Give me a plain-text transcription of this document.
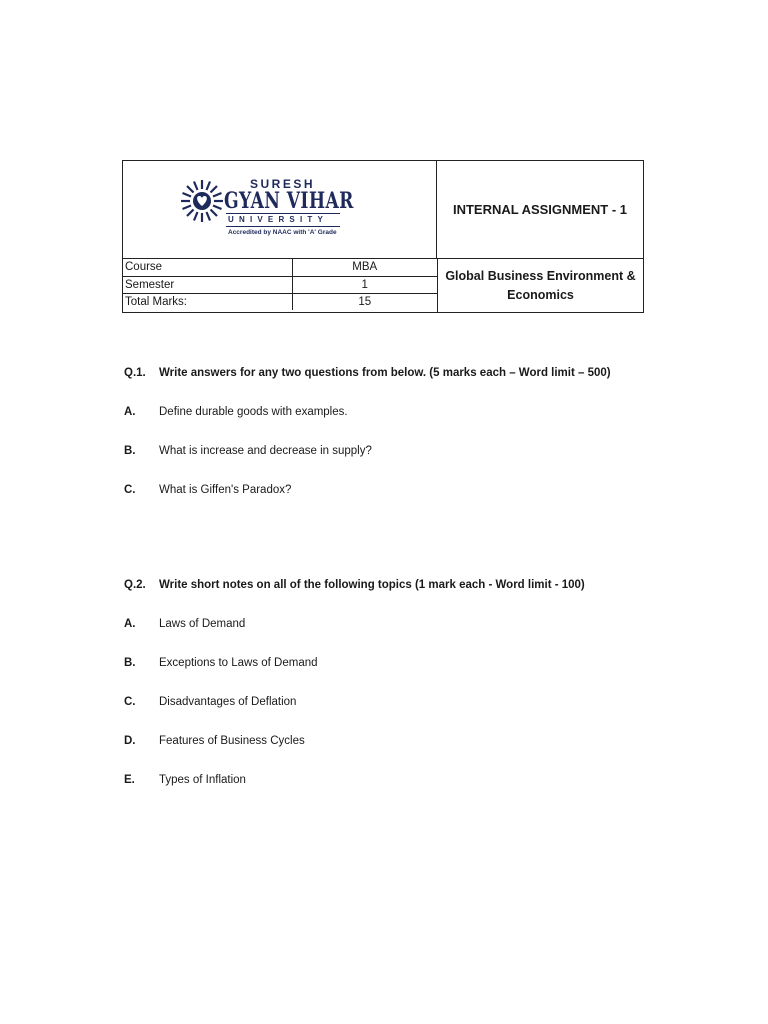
SURESH
GYAN VIHAR
UNIVERSITY
Accredited by NAAC with 'A' Grade
INTERNAL ASSIGNMENT - 1
Course	MBA
Semester	1
Total Marks:	15
Global Business Environment & Economics
Q.1. Write answers for any two questions from below. (5 marks each – Word limit – 500)
A. Define durable goods with examples.
B. What is increase and decrease in supply?
C. What is Giffen's Paradox?
Q.2. Write short notes on all of the following topics (1 mark each - Word limit - 100)
A. Laws of Demand
B. Exceptions to Laws of Demand
C. Disadvantages of Deflation
D. Features of Business Cycles
E. Types of Inflation
